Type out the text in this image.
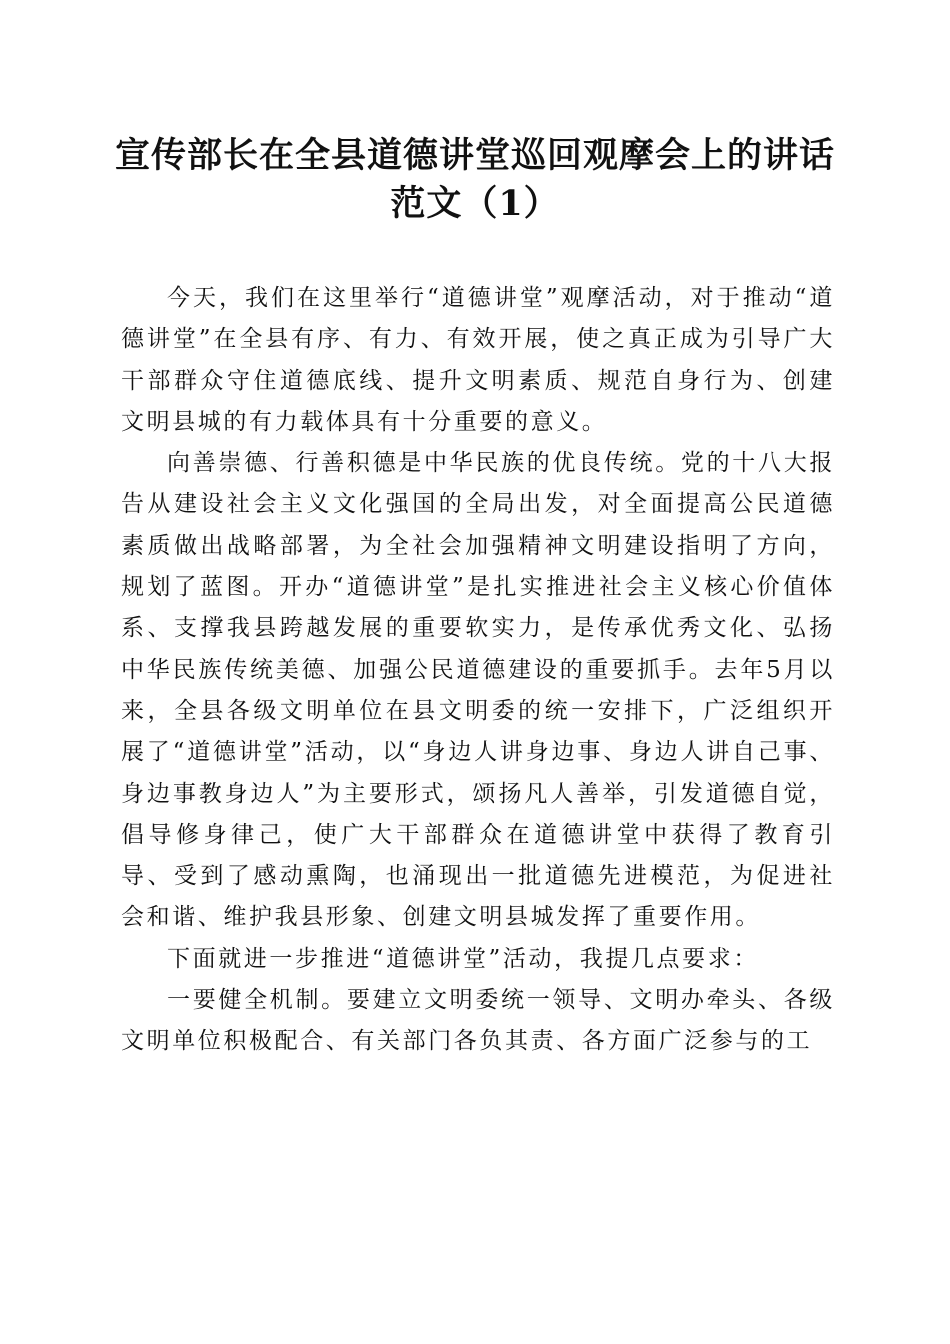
宣传部长在全县道德讲堂巡回观摩会上的讲话
范文（1）

今天，我们在这里举行“道德讲堂”观摩活动，对于推动“道德讲堂”在全县有序、有力、有效开展，使之真正成为引导广大干部群众守住道德底线、提升文明素质、规范自身行为、创建文明县城的有力载体具有十分重要的意义。

向善崇德、行善积德是中华民族的优良传统。党的十八大报告从建设社会主义文化强国的全局出发，对全面提高公民道德素质做出战略部署，为全社会加强精神文明建设指明了方向，规划了蓝图。开办“道德讲堂”是扎实推进社会主义核心价值体系、支撑我县跨越发展的重要软实力，是传承优秀文化、弘扬中华民族传统美德、加强公民道德建设的重要抓手。去年5月以来，全县各级文明单位在县文明委的统一安排下，广泛组织开展了“道德讲堂”活动，以“身边人讲身边事、身边人讲自己事、身边事教身边人”为主要形式，颂扬凡人善举，引发道德自觉，倡导修身律己，使广大干部群众在道德讲堂中获得了教育引导、受到了感动熏陶，也涌现出一批道德先进模范，为促进社会和谐、维护我县形象、创建文明县城发挥了重要作用。

下面就进一步推进“道德讲堂”活动，我提几点要求：

一要健全机制。要建立文明委统一领导、文明办牵头、各级文明单位积极配合、有关部门各负其责、各方面广泛参与的工
